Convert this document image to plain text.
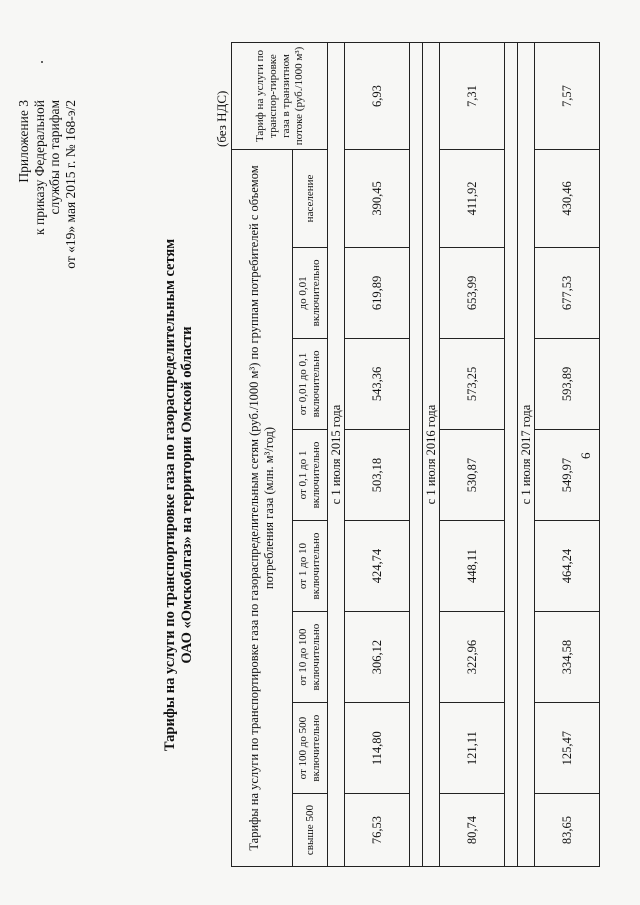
Приложение 3 к приказу Федеральной службы по тарифам от «19» мая 2015 г. № 168-э/2
Тарифы на услуги по транспортировке газа по газораспределительным сетям ОАО «Омскоблгаз» на территории Омской области
(без НДС)
Тарифы на услуги по транспортировке газа по газораспределительным сетям (руб./1000 м³) по группам потребителей с объемом потребления газа (млн. м³/год)								Тариф на услуги по транспор-тировке газа в транзитном потоке (руб./1000 м³)
свыше 500	от 100 до 500 включительно	от 10 до 100 включительно	от 1 до 10 включительно	от 0,1 до 1 включительно	от 0,01 до 0,1 включительно	до 0,01 включительно	население	
с 1 июля 2015 года								
76,53	114,80	306,12	424,74	503,18	543,36	619,89	390,45	6,93

с 1 июля 2016 года								
80,74	121,11	322,96	448,11	530,87	573,25	653,99	411,92	7,31

с 1 июля 2017 года								
83,65	125,47	334,58	464,24	549,97	593,89	677,53	430,46	7,57
6
